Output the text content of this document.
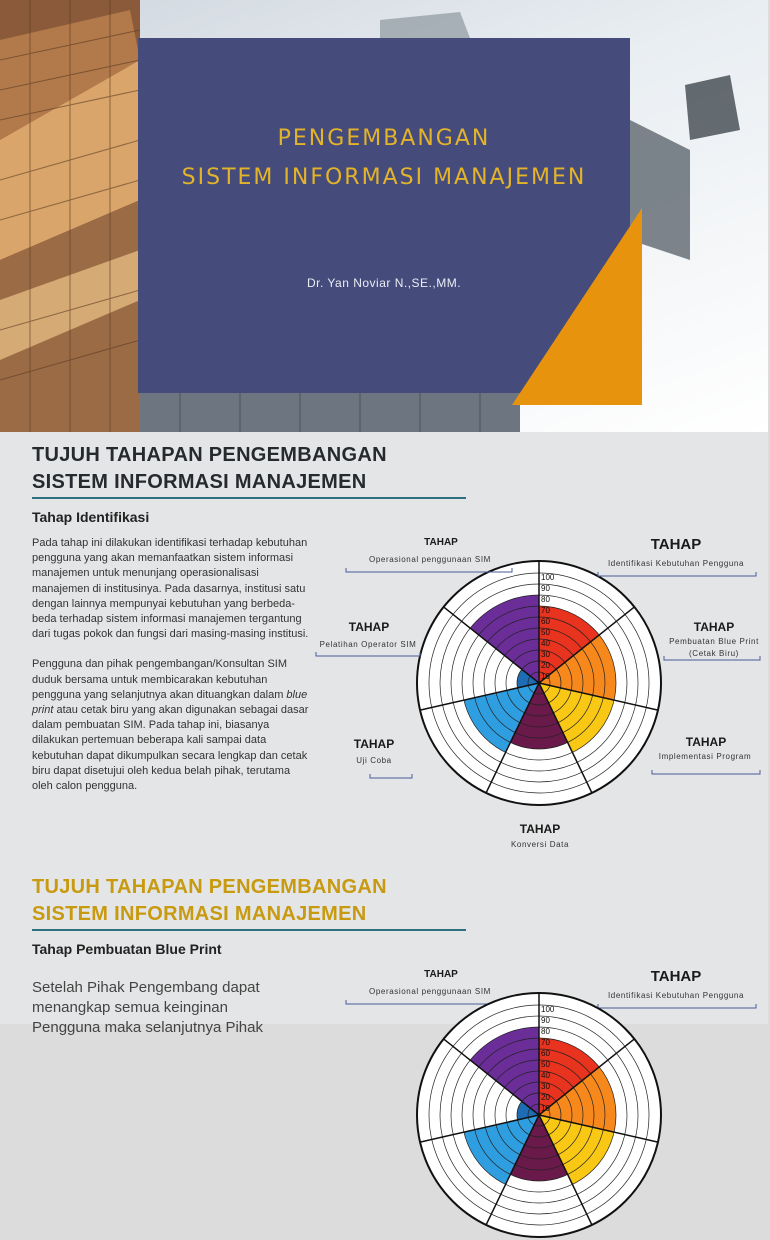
PENGEMBANGAN
SISTEM INFORMASI MANAJEMEN
Dr. Yan Noviar N.,SE.,MM.
TUJUH TAHAPAN PENGEMBANGAN
SISTEM INFORMASI MANAJEMEN
Tahap Identifikasi

Pada tahap ini dilakukan identifikasi terhadap kebutuhan pengguna yang akan memanfaatkan sistem informasi manajemen untuk menunjang operasionalisasi manajemen di institusinya. Pada dasarnya, institusi satu dengan lainnya mempunyai kebutuhan yang berbeda-beda terhadap sistem informasi manajemen tergantung dari tugas pokok dan fungsi dari masing-masing institusi.

Pengguna dan pihak pengembangan/Konsultan SIM duduk bersama untuk membicarakan kebutuhan pengguna yang selanjutnya akan dituangkan dalam blue print atau cetak biru yang akan digunakan sebagai dasar dalam pembuatan SIM. Pada tahap ini, biasanya dilakukan pertemuan beberapa kali sampai data kebutuhan dapat dikumpulkan secara lengkap dan cetak biru dapat disetujui oleh kedua belah pihak, terutama oleh calon pengguna.

100
90
80
70
60
50
40
30
20
10
TAHAP
Operasional penggunaan SIM
TAHAP
Identifikasi Kebutuhan Pengguna
TAHAP
Pelatihan Operator SIM
TAHAP
Pembuatan Blue Print (Cetak Biru)
TAHAP
Uji Coba
TAHAP
Implementasi Program
TAHAP
Konversi Data
TUJUH TAHAPAN PENGEMBANGAN
SISTEM INFORMASI MANAJEMEN
Tahap Pembuatan Blue Print
Setelah Pihak Pengembang dapat
menangkap semua keinginan
Pengguna maka selanjutnya Pihak
TAHAP
Operasional penggunaan SIM
TAHAP
Identifikasi Kebutuhan Pengguna
100
90
80
70
60
50
40
30
20
10
